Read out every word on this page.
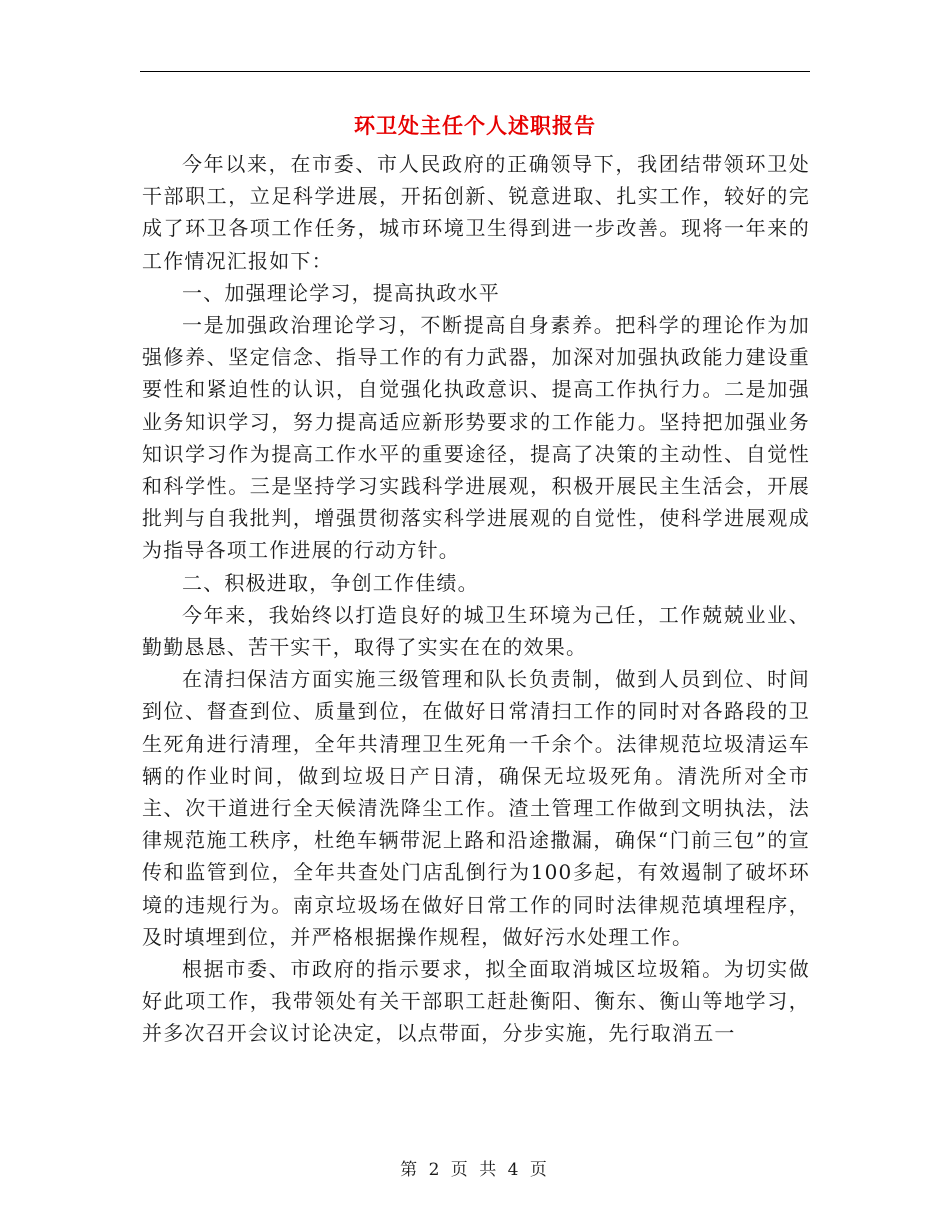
环卫处主任个人述职报告

今年以来，在市委、市人民政府的正确领导下，我团结带领环卫处干部职工，立足科学进展，开拓创新、锐意进取、扎实工作，较好的完成了环卫各项工作任务，城市环境卫生得到进一步改善。现将一年来的工作情况汇报如下：

一、加强理论学习，提高执政水平

一是加强政治理论学习，不断提高自身素养。把科学的理论作为加强修养、坚定信念、指导工作的有力武器，加深对加强执政能力建设重要性和紧迫性的认识，自觉强化执政意识、提高工作执行力。二是加强业务知识学习，努力提高适应新形势要求的工作能力。坚持把加强业务知识学习作为提高工作水平的重要途径，提高了决策的主动性、自觉性和科学性。三是坚持学习实践科学进展观，积极开展民主生活会，开展批判与自我批判，增强贯彻落实科学进展观的自觉性，使科学进展观成为指导各项工作进展的行动方针。

二、积极进取，争创工作佳绩。

今年来，我始终以打造良好的城卫生环境为己任，工作兢兢业业、勤勤恳恳、苦干实干，取得了实实在在的效果。

在清扫保洁方面实施三级管理和队长负责制，做到人员到位、时间到位、督查到位、质量到位，在做好日常清扫工作的同时对各路段的卫生死角进行清理，全年共清理卫生死角一千余个。法律规范垃圾清运车辆的作业时间，做到垃圾日产日清，确保无垃圾死角。清洗所对全市主、次干道进行全天候清洗降尘工作。渣土管理工作做到文明执法，法律规范施工秩序，杜绝车辆带泥上路和沿途撒漏，确保“门前三包”的宣传和监管到位，全年共查处门店乱倒行为100多起，有效遏制了破坏环境的违规行为。南京垃圾场在做好日常工作的同时法律规范填埋程序，及时填埋到位，并严格根据操作规程，做好污水处理工作。

根据市委、市政府的指示要求，拟全面取消城区垃圾箱。为切实做好此项工作，我带领处有关干部职工赶赴衡阳、衡东、衡山等地学习，并多次召开会议讨论决定，以点带面，分步实施，先行取消五一

第 2 页 共 4 页
